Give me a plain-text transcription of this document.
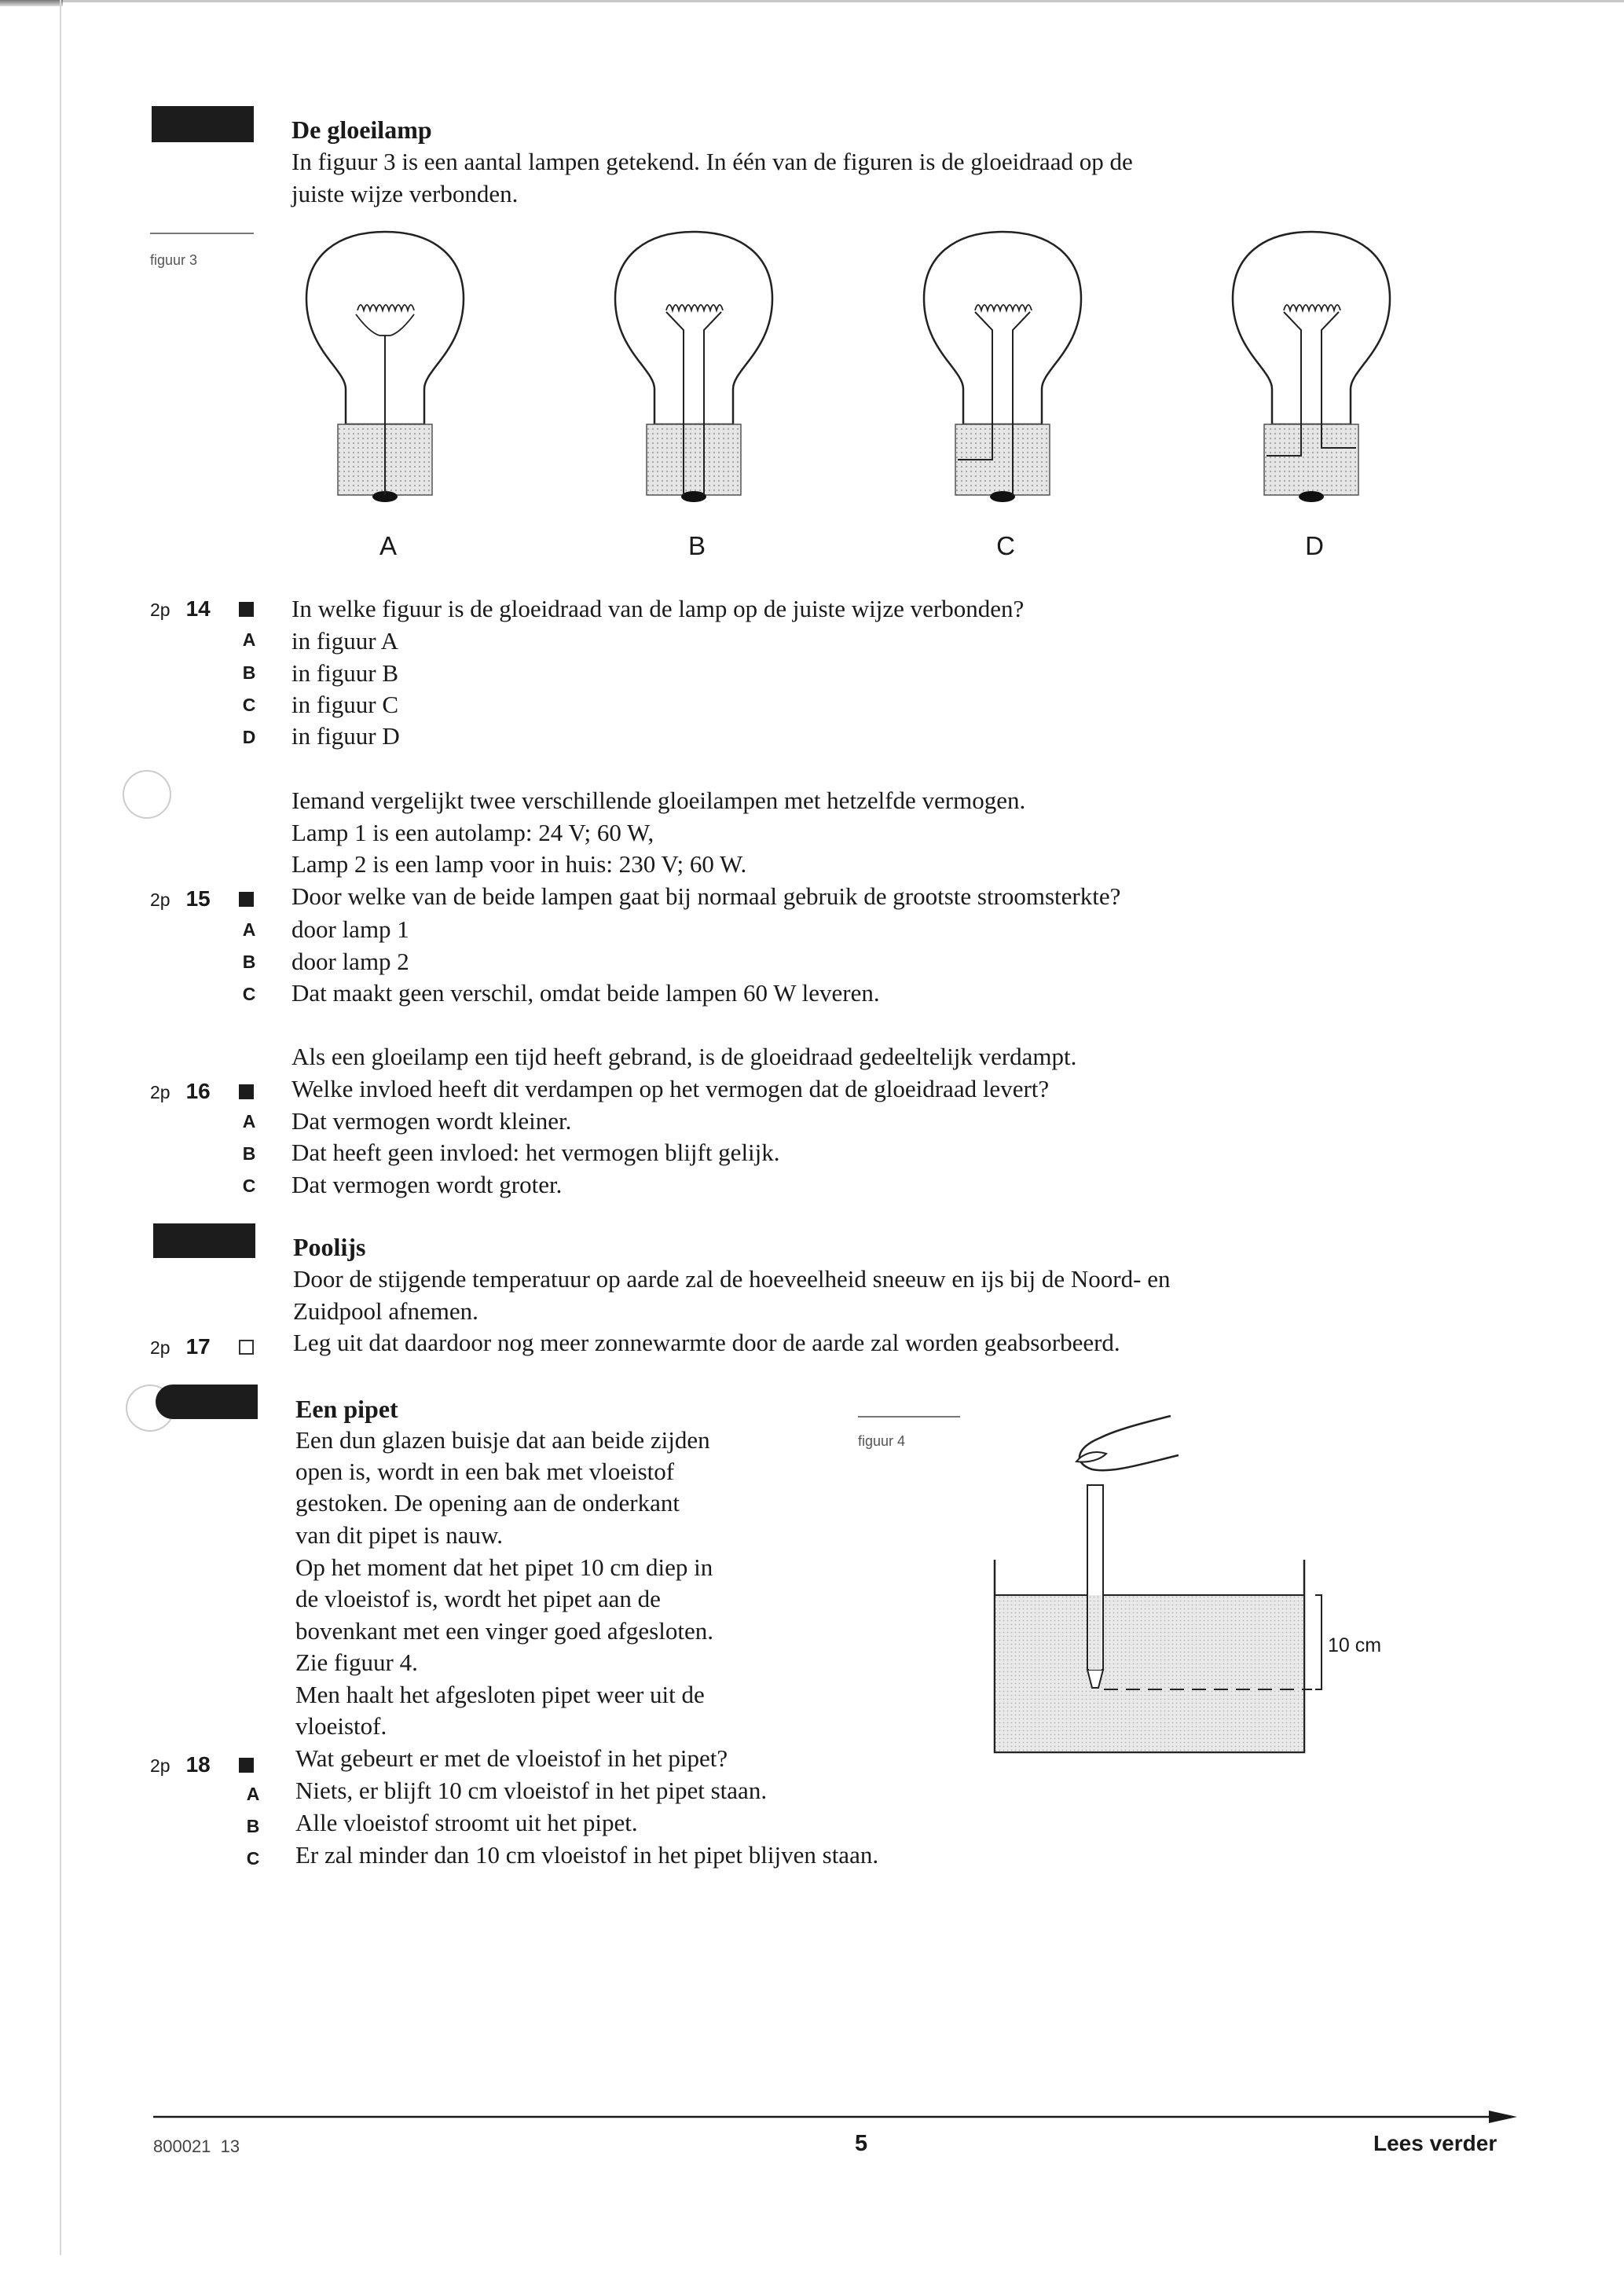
De gloeilamp
In figuur 3 is een aantal lampen getekend. In één van de figuren is de gloeidraad op de
juiste wijze verbonden.
figuur 3
A	B	C	D
2p 14	In welke figuur is de gloeidraad van de lamp op de juiste wijze verbonden?
A in figuur A
B in figuur B
C in figuur C
D in figuur D
Iemand vergelijkt twee verschillende gloeilampen met hetzelfde vermogen.
Lamp 1 is een autolamp: 24 V; 60 W,
Lamp 2 is een lamp voor in huis: 230 V; 60 W.
2p 15	Door welke van de beide lampen gaat bij normaal gebruik de grootste stroomsterkte?
A door lamp 1
B door lamp 2
C Dat maakt geen verschil, omdat beide lampen 60 W leveren.
Als een gloeilamp een tijd heeft gebrand, is de gloeidraad gedeeltelijk verdampt.
2p 16	Welke invloed heeft dit verdampen op het vermogen dat de gloeidraad levert?
A Dat vermogen wordt kleiner.
B Dat heeft geen invloed: het vermogen blijft gelijk.
C Dat vermogen wordt groter.
Poolijs
Door de stijgende temperatuur op aarde zal de hoeveelheid sneeuw en ijs bij de Noord- en
Zuidpool afnemen.
2p 17	Leg uit dat daardoor nog meer zonnewarmte door de aarde zal worden geabsorbeerd.
Een pipet
Een dun glazen buisje dat aan beide zijden
open is, wordt in een bak met vloeistof
gestoken. De opening aan de onderkant
van dit pipet is nauw.
Op het moment dat het pipet 10 cm diep in
de vloeistof is, wordt het pipet aan de
bovenkant met een vinger goed afgesloten.
Zie figuur 4.
Men haalt het afgesloten pipet weer uit de
vloeistof.
figuur 4
10 cm
2p 18	Wat gebeurt er met de vloeistof in het pipet?
A Niets, er blijft 10 cm vloeistof in het pipet staan.
B Alle vloeistof stroomt uit het pipet.
C Er zal minder dan 10 cm vloeistof in het pipet blijven staan.
800021  13	5	Lees verder
